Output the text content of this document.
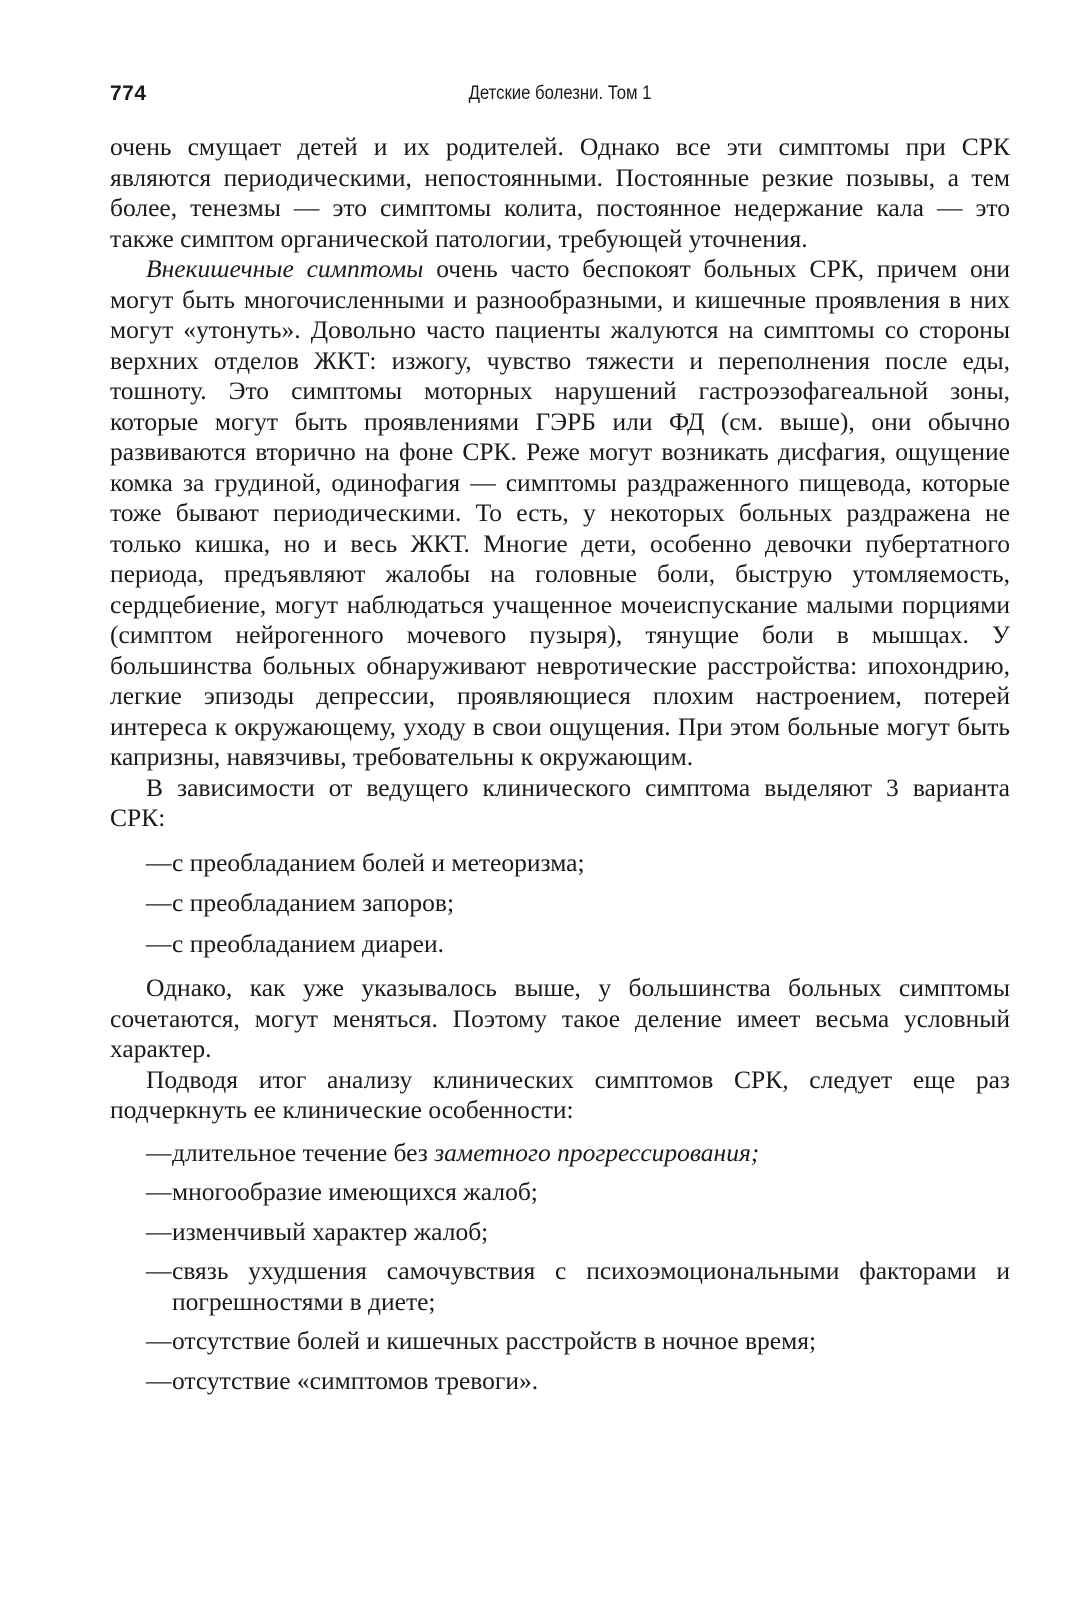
774	Детские болезни. Том 1

очень смущает детей и их родителей. Однако все эти симптомы при СРК являются периодическими, непостоянными. Постоянные резкие позывы, а тем более, тенезмы — это симптомы колита, постоянное недержание кала — это также симптом органической патологии, требующей уточнения.

Внекишечные симптомы очень часто беспокоят больных СРК, причем они могут быть многочисленными и разнообразными, и кишечные проявления в них могут «утонуть». Довольно часто пациенты жалуются на симптомы со стороны верхних отделов ЖКТ: изжогу, чувство тяжести и переполнения после еды, тошноту. Это симптомы моторных нарушений гастроэзофагеальной зоны, которые могут быть проявлениями ГЭРБ или ФД (см. выше), они обычно развиваются вторично на фоне СРК. Реже могут возникать дисфагия, ощущение комка за грудиной, одинофагия — симптомы раздраженного пищевода, которые тоже бывают периодическими. То есть, у некоторых больных раздражена не только кишка, но и весь ЖКТ. Многие дети, особенно девочки пубертатного периода, предъявляют жалобы на головные боли, быструю утомляемость, сердцебиение, могут наблюдаться учащенное мочеиспускание малыми порциями (симптом нейрогенного мочевого пузыря), тянущие боли в мышцах. У большинства больных обнаруживают невротические расстройства: ипохондрию, легкие эпизоды депрессии, проявляющиеся плохим настроением, потерей интереса к окружающему, уходу в свои ощущения. При этом больные могут быть капризны, навязчивы, требовательны к окружающим.

В зависимости от ведущего клинического симптома выделяют 3 варианта СРК:

— с преобладанием болей и метеоризма;
— с преобладанием запоров;
— с преобладанием диареи.

Однако, как уже указывалось выше, у большинства больных симптомы сочетаются, могут меняться. Поэтому такое деление имеет весьма условный характер.

Подводя итог анализу клинических симптомов СРК, следует еще раз подчеркнуть ее клинические особенности:

— длительное течение без заметного прогрессирования;
— многообразие имеющихся жалоб;
— изменчивый характер жалоб;
— связь ухудшения самочувствия с психоэмоциональными факторами и погрешностями в диете;
— отсутствие болей и кишечных расстройств в ночное время;
— отсутствие «симптомов тревоги».
